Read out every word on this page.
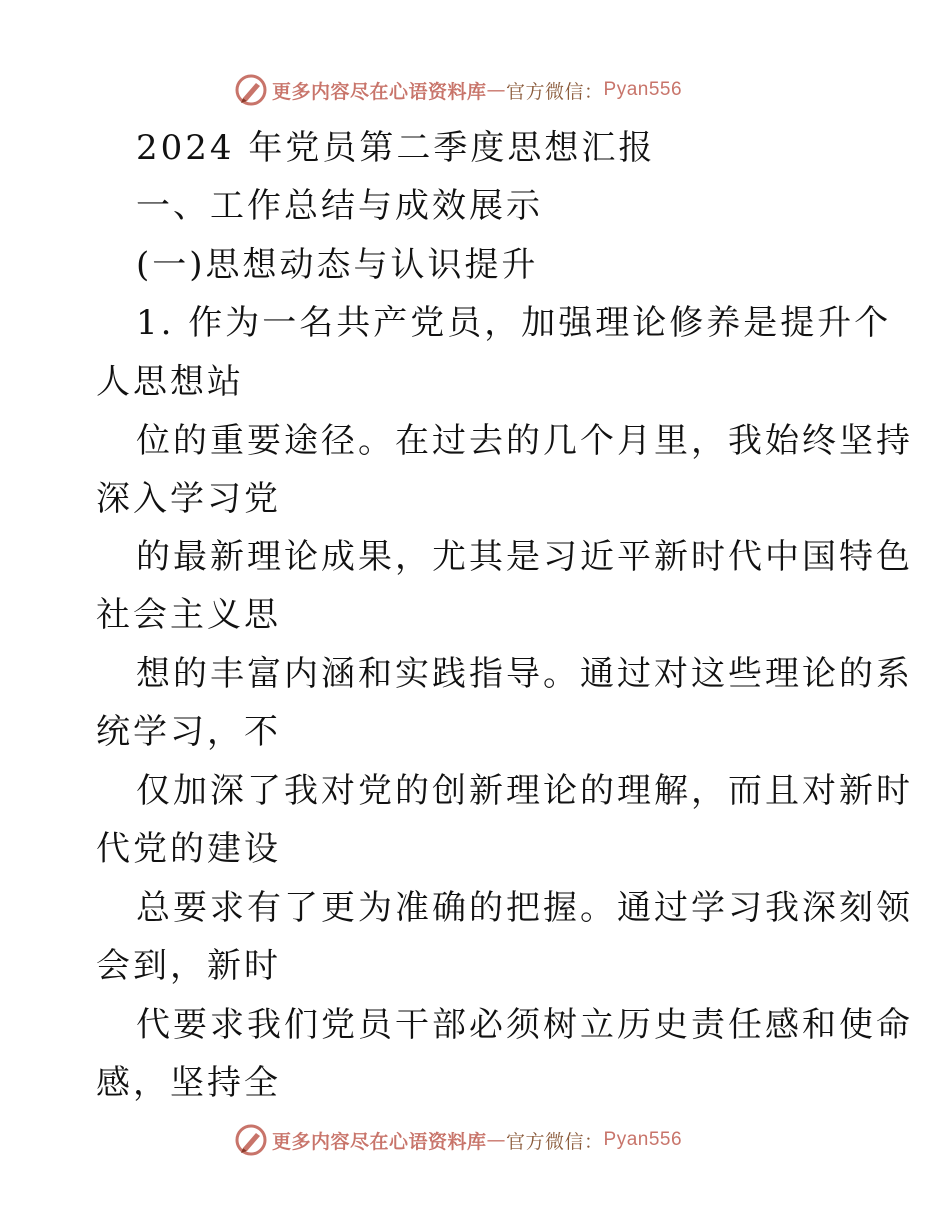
更多内容尽在心语资料库 — 官方微信： Pyan556
2024 年党员第二季度思想汇报
一、工作总结与成效展示
(一)思想动态与认识提升
1. 作为一名共产党员，加强理论修养是提升个
人思想站
位的重要途径。在过去的几个月里，我始终坚持
深入学习党
的最新理论成果，尤其是习近平新时代中国特色
社会主义思
想的丰富内涵和实践指导。通过对这些理论的系
统学习，不
仅加深了我对党的创新理论的理解，而且对新时
代党的建设
总要求有了更为准确的把握。通过学习我深刻领
会到，新时
代要求我们党员干部必须树立历史责任感和使命
感，坚持全
更多内容尽在心语资料库 — 官方微信： Pyan556
